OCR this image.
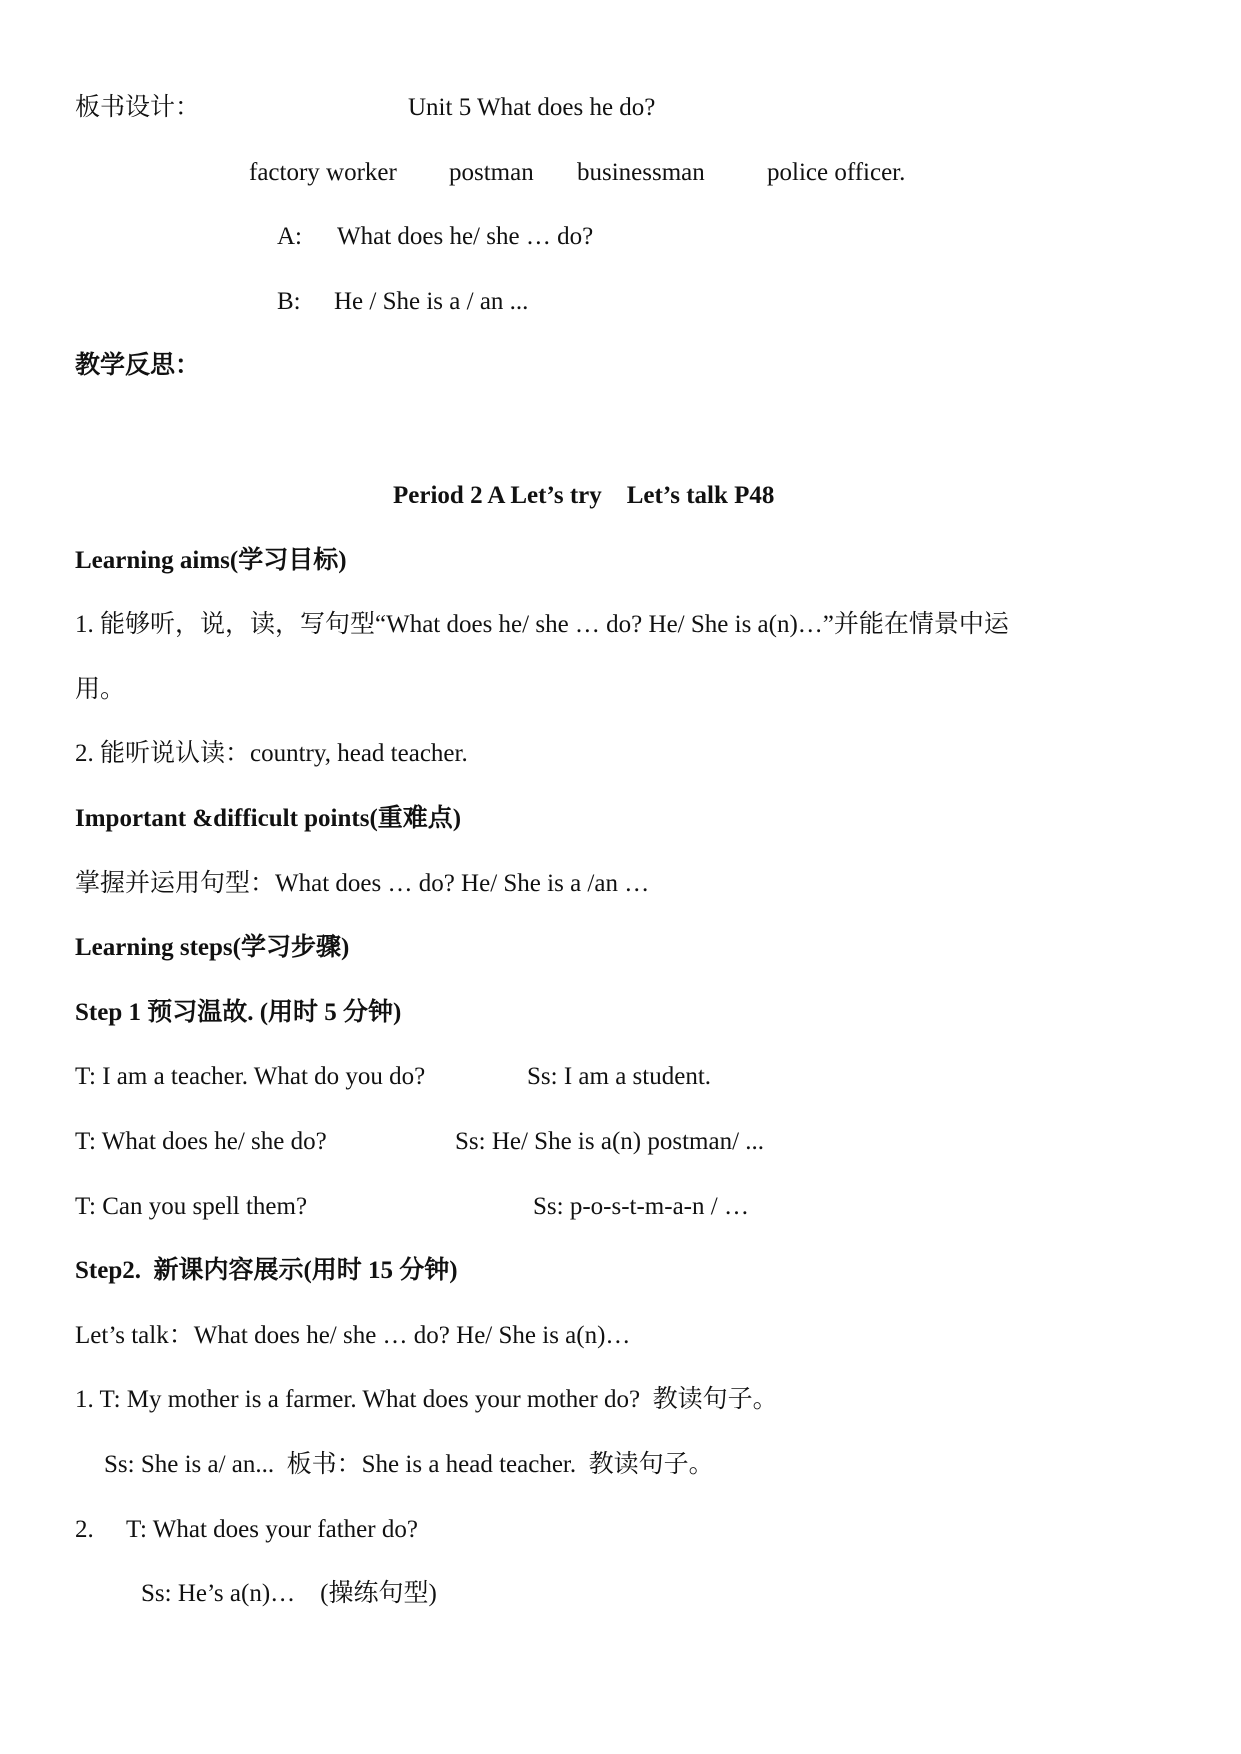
板书设计：	Unit 5 What does he do?
factory worker postman businessman police officer.
A: What does he/ she … do?
B: He / She is a / an ...
教学反思：
Period 2 A Let’s try    Let’s talk P48
Learning aims(学习目标)
1. 能够听，说，读，写句型“What does he/ she … do? He/ She is a(n)…”并能在情景中运
用。
2. 能听说认读：country, head teacher.
Important &difficult points(重难点)
掌握并运用句型：What does … do? He/ She is a /an …
Learning steps(学习步骤)
Step 1 预习温故. (用时 5 分钟)
T: I am a teacher. What do you do?	Ss: I am a student.
T: What does he/ she do?	Ss: He/ She is a(n) postman/ ...
T: Can you spell them?	Ss: p-o-s-t-m-a-n / …
Step2.  新课内容展示(用时 15 分钟)
Let’s talk：What does he/ she … do? He/ She is a(n)…
1. T: My mother is a farmer. What does your mother do?  教读句子。
Ss: She is a/ an...  板书：She is a head teacher.  教读句子。
2. T: What does your father do?
Ss: He’s a(n)…    (操练句型)
